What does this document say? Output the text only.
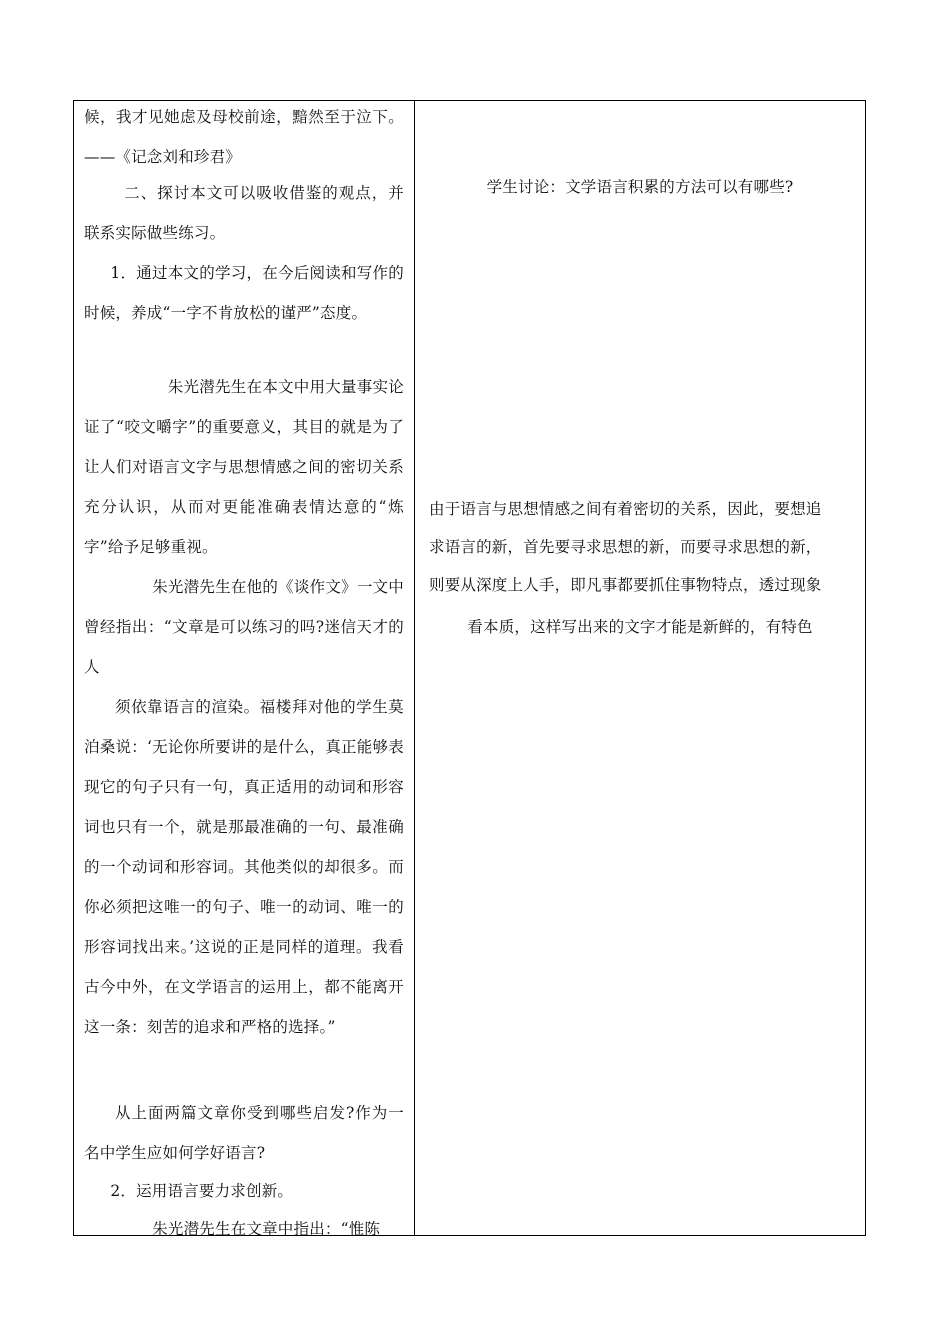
候，我才见她虑及母校前途，黯然至于泣下。——《记念刘和珍君》

二、探讨本文可以吸收借鉴的观点，并联系实际做些练习。

1．通过本文的学习，在今后阅读和写作的时候，养成“一字不肯放松的谨严”态度。

朱光潜先生在本文中用大量事实论证了“咬文嚼字”的重要意义，其目的就是为了让人们对语言文字与思想情感之间的密切关系充分认识，从而对更能准确表情达意的“炼字”给予足够重视。

朱光潜先生在他的《谈作文》一文中曾经指出：“文章是可以练习的吗?迷信天才的人

须依靠语言的渲染。福楼拜对他的学生莫泊桑说：‘无论你所要讲的是什么，真正能够表现它的句子只有一句，真正适用的动词和形容词也只有一个，就是那最准确的一句、最准确的一个动词和形容词。其他类似的却很多。而你必须把这唯一的句子、唯一的动词、唯一的形容词找出来。’这说的正是同样的道理。我看古今中外，在文学语言的运用上，都不能离开这一条：刻苦的追求和严格的选择。”

从上面两篇文章你受到哪些启发?作为一名中学生应如何学好语言?

2．运用语言要力求创新。

朱光潜先生在文章中指出：“惟陈

学生讨论：文学语言积累的方法可以有哪些?

由于语言与思想情感之间有着密切的关系，因此，要想追

求语言的新，首先要寻求思想的新，而要寻求思想的新，

则要从深度上人手，即凡事都要抓住事物特点，透过现象

看本质，这样写出来的文字才能是新鲜的，有特色
